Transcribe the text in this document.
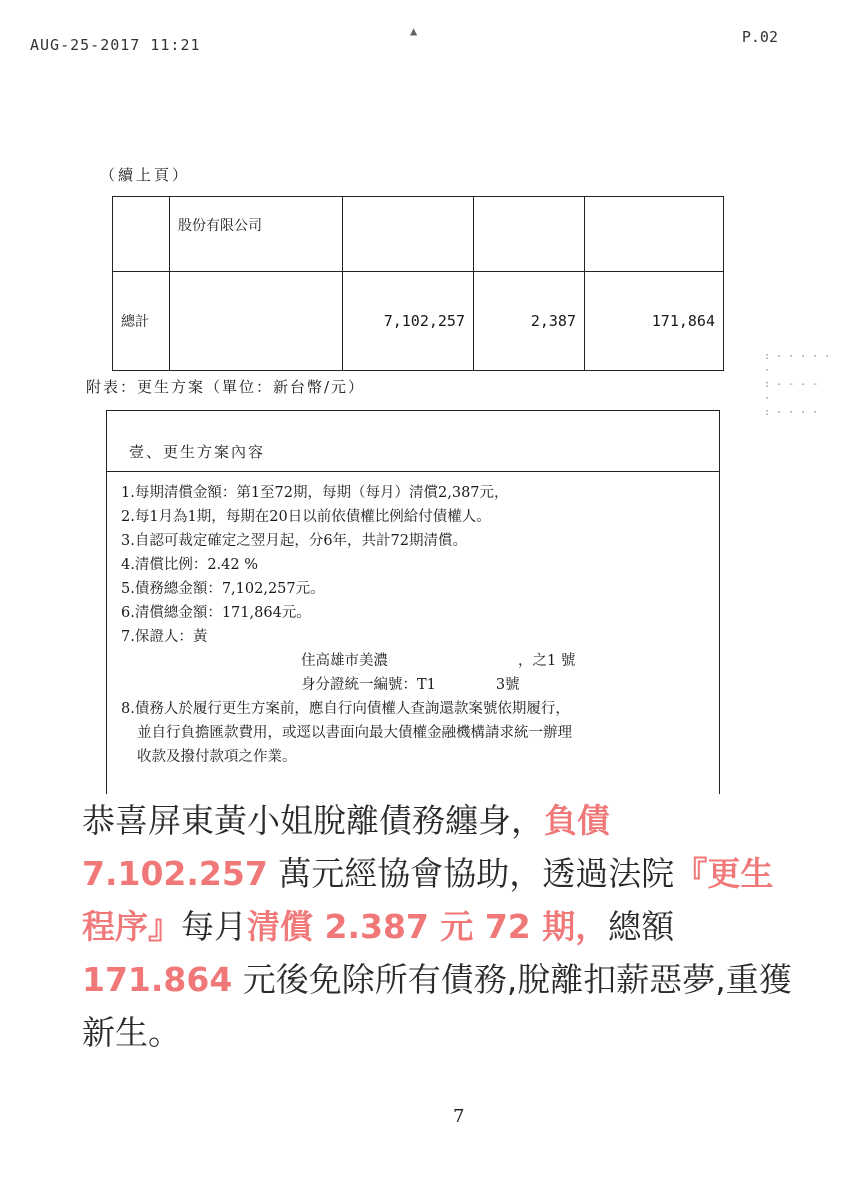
AUG-25-2017 11:21
▲	P.02
（續上頁）
	股份有限公司			
總計		7,102,257	2,387	171,864
: · · · · ·
·
: - - - -
·
: · · · ·
附表：更生方案（單位：新台幣/元）
壹、更生方案內容
1.每期清償金額：第1至72期，每期（每月）清償2,387元，
2.每1月為1期，每期在20日以前依債權比例給付債權人。
3.自認可裁定確定之翌月起，分6年，共計72期清償。
4.清償比例：2.42 %
5.債務總金額：7,102,257元。
6.清償總金額：171,864元。
7.保證人：黃
住高雄市美濃	，之1 號
身分證統一編號：T1	3號
8.債務人於履行更生方案前，應自行向債權人查詢還款案號依期履行，
並自行負擔匯款費用，或逕以書面向最大債權金融機構請求統一辦理
收款及撥付款項之作業。
恭喜屏東黃小姐脫離債務纏身，負債
7.102.257 萬元經協會協助，透過法院『更生程序』每月清償 2.387 元 72 期，總額
171.864 元後免除所有債務,脫離扣薪惡夢,重獲新生。
7
